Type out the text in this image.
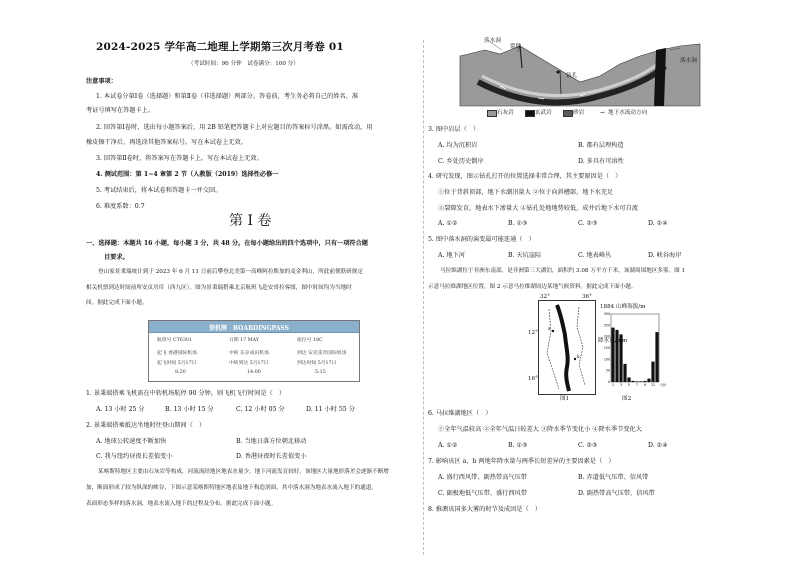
2024-2025 学年高二地理上学期第三次月考卷 01
（考试时间：90 分钟　试卷满分：100 分）
注意事项：
1. 本试卷分第Ⅰ卷（选择题）和第Ⅱ卷（非选择题）两部分。答卷前，考生务必将自己的姓名、准
考证号填写在答题卡上。
2. 回答第Ⅰ卷时，选出每小题答案后，用 2B 铅笔把答题卡上对应题目的答案标号涂黑。如需改动，用
橡皮擦干净后，再选涂其他答案标号。写在本试卷上无效。
3. 回答第Ⅱ卷时，将答案写在答题卡上。写在本试卷上无效。
4. 测试范围：第 1~4 章第 2 节（人教版（2019）选择性必修一
5. 考试结束后，将本试卷和答题卡一并交回。
6. 难度系数：0.7
第 Ⅰ 卷
一、选择题：本题共 16 小题，每小题 3 分，共 48 分。在每小题给出的四个选项中，只有一项符合题
目要求。
登山家景秉瑞统计到于 2023 年 6 月 11 日前后攀登北美第一高峰阿拉斯加的麦金利山，所此前便联研规定
相关机票到达时间前所安页房库（西九区）。图为景秉瑞搭乘北京航班飞赴安哥拉客图，图中时间均为当地时
间。据此完成下面小题。
登机牌　BOARDINGPASS
航班号 CT6301	日期 17 MAY	座位号 18C
起飞 香港国际机场	中转 东京成田机场	到达 安克雷奇国际机场
起飞时间 5月17日	中转到达 5月17日	到达时间 5月17日
8:20	14:00	5:15
1. 景秉瑞搭乘飞机需在中转机场航停 90 分钟，则飞机飞行时间是（　）
A. 13 小时 25 分	B. 13 小时 15 分	C. 12 小时 05 分	D. 11 小时 55 分
2. 景秉瑞搭乘抵达坐地时往登山期间（　）
A. 地球公转速度不断加快	B. 当地日落方位朝北移动
C. 我与纽约昼夜长差值变小	D. 香港昼夜时长差值变小
某喀斯特地区主要由石灰岩等构成，河流流经地区地表水量少，地下河流发育较好。该地区大量地形落差会逐渐不断增
加，断面形成了较为纵深的峡谷，下图示意某喀斯特地区地表及地下构造剖面，其中落水洞为地表水流入地下的通道，
表面形态多样的落水洞，地表水流入地下的过程及分布。据此完成下面小题。
落水洞
裂隙
钻孔
落水洞
石灰岩	玄武岩	砂岩	→ 地下水流动方向
3. 图中岩层（　）
A. 均为沉积岩	B. 都有层理构造
C. 乡处历史倒序	D. 多具有可溶性
4. 研究发现，图示钻孔打开的位置选择非常合理，其主要原因是（　）
①位于背斜顶部，地下水潮汛量大 ②位于向斜槽部，地下水充足
③裂隙发育，地表水下渗量大 ④钻孔处地地势较低，成井后地下水可自流
A. ①②	B. ①③	C. ②③	D. ②④
5. 图中落水洞的演变最可能连通（　）
A. 地下河	B. 天坑崖际	C. 地表峰丛	D. 峡谷海岸
马拉维湖位于非洲东南部，是非洲第三大湖泊，面积约 3.08 万平方千米，该湖周围地区多雾。图 1
示意马拉维湖地区位置，图 2 示意马拉维湖周边某地气候资料。据此完成下面小题。
a
b
32°	36°
12°
16°
图1
300
250
200
150
100
50
0
1 3 5 7 9 11 月份
1884 山峰海拔/m
降水量/mm
图2
6. 马拉维湖地区（　）
①全年气温较高 ②全年气温日较差大 ③降水季节变化小 ④降水季节变化大
A. ①②	B. ①③	C. ②③	D. ②④
7. 影响该区 a、b 两地年降水量与两季长短差异的主要因素是（　）
A. 盛行西风带、副热带高气压带	B. 赤道低气压带、信风带
C. 副极地低气压带、盛行西风带	D. 副热带高气压带、信风带
8. 推测该国多大雾的时节及成因是（　）
